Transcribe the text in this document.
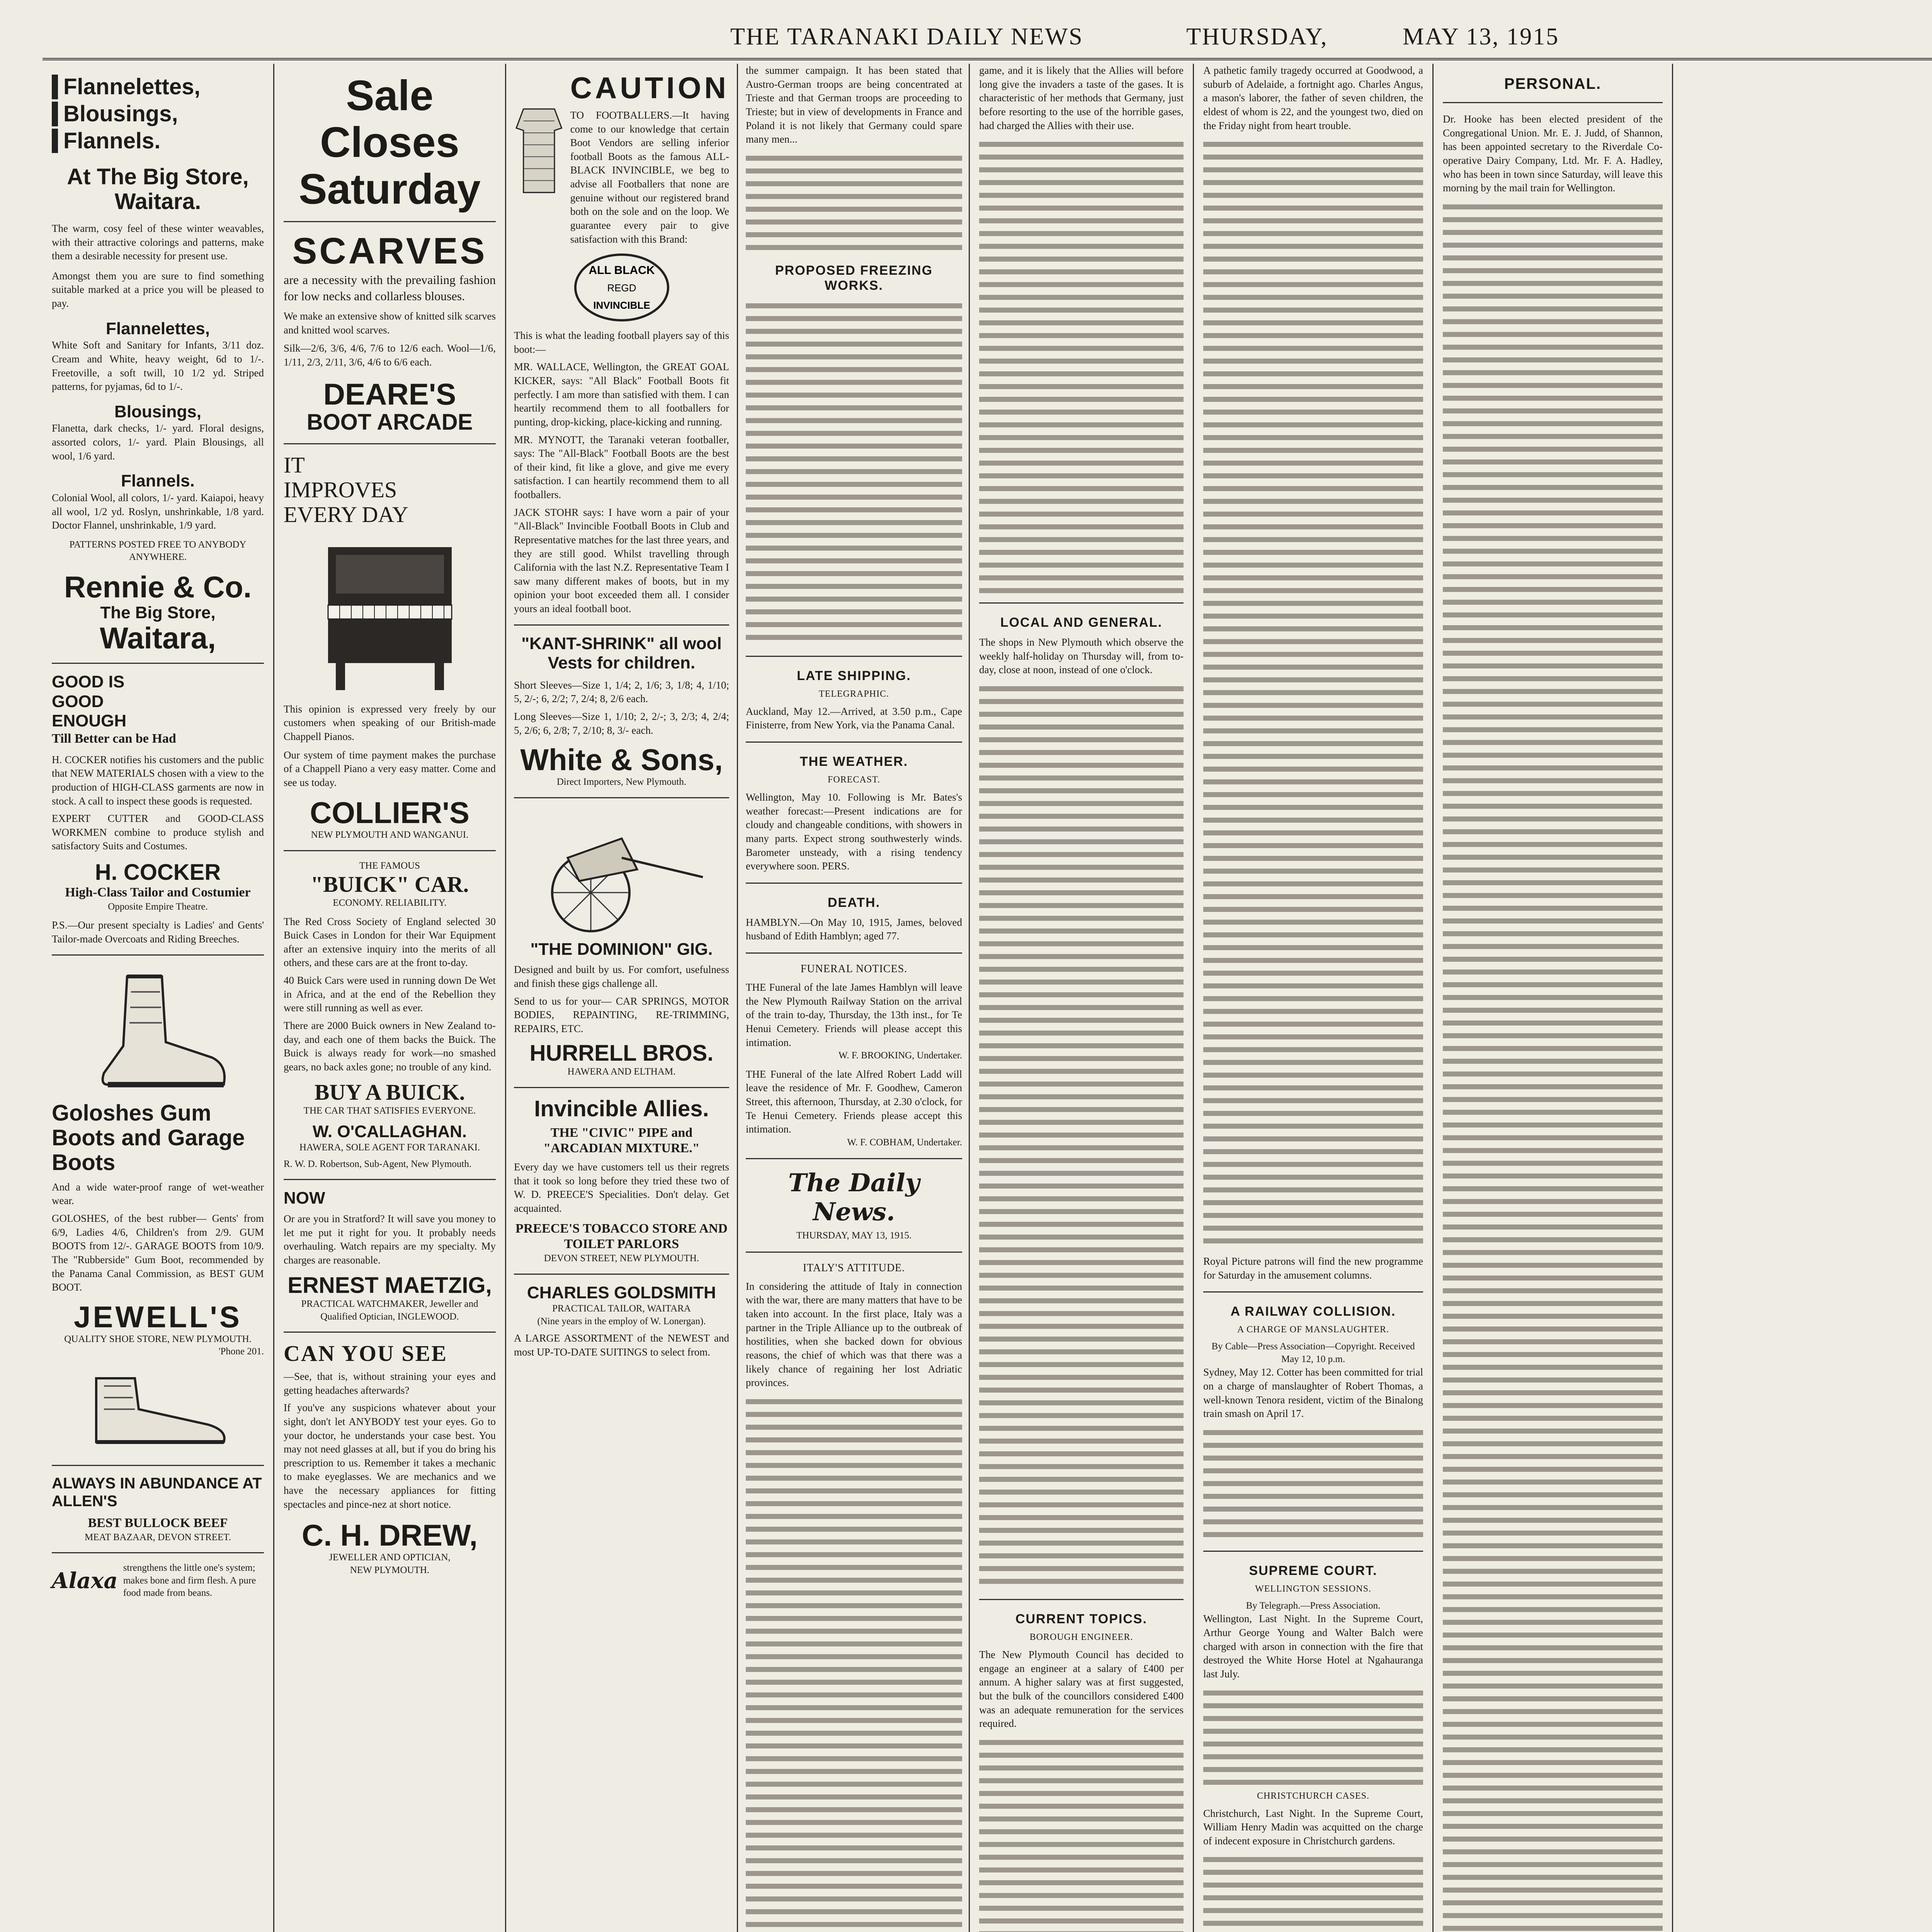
THE TARANAKI DAILY NEWS	THURSDAY,	MAY 13, 1915
Flannelettes,
Blousings,
Flannels.
At The Big Store, Waitara.
The warm, cosy feel of these winter weavables, with their attractive colorings and patterns, make them a desirable necessity for present use.
Amongst them you are sure to find something suitable marked at a price you will be pleased to pay.
Flannelettes,
White Soft and Sanitary for Infants, 3/11 doz. Cream and White, heavy weight, 6d to 1/-. Freetoville, a soft twill, 10 1/2 yd. Striped patterns, for pyjamas, 6d to 1/-.
Blousings,
Flanetta, dark checks, 1/- yard. Floral designs, assorted colors, 1/- yard. Plain Blousings, all wool, 1/6 yard.
Flannels.
Colonial Wool, all colors, 1/- yard. Kaiapoi, heavy all wool, 1/2 yd. Roslyn, unshrinkable, 1/8 yard. Doctor Flannel, unshrinkable, 1/9 yard.
PATTERNS POSTED FREE TO ANYBODY ANYWHERE.
Rennie & Co.
The Big Store,
Waitara,
GOOD IS GOOD ENOUGH
Till Better can be Had
H. COCKER notifies his customers and the public that NEW MATERIALS chosen with a view to the production of HIGH-CLASS garments are now in stock. A call to inspect these goods is requested.
EXPERT CUTTER and GOOD-CLASS WORKMEN combine to produce stylish and satisfactory Suits and Costumes.
H. COCKER
High-Class Tailor and Costumier
Opposite Empire Theatre.
P.S.—Our present specialty is Ladies' and Gents' Tailor-made Overcoats and Riding Breeches.
Goloshes Gum Boots and Garage Boots
And a wide water-proof range of wet-weather wear.
GOLOSHES, of the best rubber— Gents' from 6/9, Ladies 4/6, Children's from 2/9. GUM BOOTS from 12/-. GARAGE BOOTS from 10/9. The "Rubberside" Gum Boot, recommended by the Panama Canal Commission, as BEST GUM BOOT.
JEWELL'S
QUALITY SHOE STORE, NEW PLYMOUTH.
'Phone 201.
ALWAYS IN ABUNDANCE AT ALLEN'S
BEST BULLOCK BEEF
MEAT BAZAAR, DEVON STREET.
Alaxa
strengthens the little one's system; makes bone and firm flesh. A pure food made from beans.
Sale
Closes
Saturday
SCARVES
are a necessity with the prevailing fashion for low necks and collarless blouses.
We make an extensive show of knitted silk scarves and knitted wool scarves.
Silk—2/6, 3/6, 4/6, 7/6 to 12/6 each. Wool—1/6, 1/11, 2/3, 2/11, 3/6, 4/6 to 6/6 each.
DEARE'S
BOOT ARCADE
IT IMPROVES EVERY DAY
This opinion is expressed very freely by our customers when speaking of our British-made Chappell Pianos.
Our system of time payment makes the purchase of a Chappell Piano a very easy matter. Come and see us today.
COLLIER'S
NEW PLYMOUTH AND WANGANUI.
THE FAMOUS
"BUICK" CAR.
ECONOMY. RELIABILITY.
The Red Cross Society of England selected 30 Buick Cases in London for their War Equipment after an extensive inquiry into the merits of all others, and these cars are at the front to-day.
40 Buick Cars were used in running down De Wet in Africa, and at the end of the Rebellion they were still running as well as ever.
There are 2000 Buick owners in New Zealand to-day, and each one of them backs the Buick. The Buick is always ready for work—no smashed gears, no back axles gone; no trouble of any kind.
BUY A BUICK.
THE CAR THAT SATISFIES EVERYONE.
W. O'CALLAGHAN.
HAWERA, SOLE AGENT FOR TARANAKI.
R. W. D. Robertson, Sub-Agent, New Plymouth.
NOW
Or are you in Stratford? It will save you money to let me put it right for you. It probably needs overhauling. Watch repairs are my specialty. My charges are reasonable.
ERNEST MAETZIG,
PRACTICAL WATCHMAKER, Jeweller and Qualified Optician, INGLEWOOD.
CAN YOU SEE
—See, that is, without straining your eyes and getting headaches afterwards?
If you've any suspicions whatever about your sight, don't let ANYBODY test your eyes. Go to your doctor, he understands your case best. You may not need glasses at all, but if you do bring his prescription to us. Remember it takes a mechanic to make eyeglasses. We are mechanics and we have the necessary appliances for fitting spectacles and pince-nez at short notice.
C. H. DREW,
JEWELLER AND OPTICIAN,
NEW PLYMOUTH.
CAUTION
TO FOOTBALLERS.—It having come to our knowledge that certain Boot Vendors are selling inferior football Boots as the famous ALL-BLACK INVINCIBLE, we beg to advise all Footballers that none are genuine without our registered brand both on the sole and on the loop. We guarantee every pair to give satisfaction with this Brand:
ALL BLACK
REGD
INVINCIBLE
This is what the leading football players say of this boot:—
MR. WALLACE, Wellington, the GREAT GOAL KICKER, says: "All Black" Football Boots fit perfectly. I am more than satisfied with them. I can heartily recommend them to all footballers for punting, drop-kicking, place-kicking and running.
MR. MYNOTT, the Taranaki veteran footballer, says: The "All-Black" Football Boots are the best of their kind, fit like a glove, and give me every satisfaction. I can heartily recommend them to all footballers.
JACK STOHR says: I have worn a pair of your "All-Black" Invincible Football Boots in Club and Representative matches for the last three years, and they are still good. Whilst travelling through California with the last N.Z. Representative Team I saw many different makes of boots, but in my opinion your boot exceeded them all. I consider yours an ideal football boot.
"KANT-SHRINK" all wool Vests for children.
Short Sleeves—Size 1, 1/4; 2, 1/6; 3, 1/8; 4, 1/10; 5, 2/-; 6, 2/2; 7, 2/4; 8, 2/6 each.
Long Sleeves—Size 1, 1/10; 2, 2/-; 3, 2/3; 4, 2/4; 5, 2/6; 6, 2/8; 7, 2/10; 8, 3/- each.
White & Sons,
Direct Importers, New Plymouth.
"THE DOMINION" GIG.
Designed and built by us. For comfort, usefulness and finish these gigs challenge all.
Send to us for your— CAR SPRINGS, MOTOR BODIES, REPAINTING, RE-TRIMMING, REPAIRS, ETC.
HURRELL BROS.
HAWERA AND ELTHAM.
Invincible Allies.
THE "CIVIC" PIPE and "ARCADIAN MIXTURE."
Every day we have customers tell us their regrets that it took so long before they tried these two of W. D. PREECE'S Specialities. Don't delay. Get acquainted.
PREECE'S TOBACCO STORE AND TOILET PARLORS
DEVON STREET, NEW PLYMOUTH.
CHARLES GOLDSMITH
PRACTICAL TAILOR, WAITARA
(Nine years in the employ of W. Lonergan).
A LARGE ASSORTMENT of the NEWEST and most UP-TO-DATE SUITINGS to select from.
the summer campaign. It has been stated that Austro-German troops are being concentrated at Trieste and that German troops are proceeding to Trieste; but in view of developments in France and Poland it is not likely that Germany could spare many men...
PROPOSED FREEZING WORKS.
LATE SHIPPING.
TELEGRAPHIC.
Auckland, May 12.—Arrived, at 3.50 p.m., Cape Finisterre, from New York, via the Panama Canal.
THE WEATHER.
FORECAST.
Wellington, May 10. Following is Mr. Bates's weather forecast:—Present indications are for cloudy and changeable conditions, with showers in many parts. Expect strong southwesterly winds. Barometer unsteady, with a rising tendency everywhere soon. PERS.
DEATH.
HAMBLYN.—On May 10, 1915, James, beloved husband of Edith Hamblyn; aged 77.
FUNERAL NOTICES.
THE Funeral of the late James Hamblyn will leave the New Plymouth Railway Station on the arrival of the train to-day, Thursday, the 13th inst., for Te Henui Cemetery. Friends will please accept this intimation.
W. F. BROOKING, Undertaker.
THE Funeral of the late Alfred Robert Ladd will leave the residence of Mr. F. Goodhew, Cameron Street, this afternoon, Thursday, at 2.30 o'clock, for Te Henui Cemetery. Friends please accept this intimation.
W. F. COBHAM, Undertaker.
The Daily News.
THURSDAY, MAY 13, 1915.
ITALY'S ATTITUDE.
In considering the attitude of Italy in connection with the war, there are many matters that have to be taken into account. In the first place, Italy was a partner in the Triple Alliance up to the outbreak of hostilities, when she backed down for obvious reasons, the chief of which was that there was a likely chance of regaining her lost Adriatic provinces.
game, and it is likely that the Allies will before long give the invaders a taste of the gases. It is characteristic of her methods that Germany, just before resorting to the use of the horrible gases, had charged the Allies with their use.
LOCAL AND GENERAL.
The shops in New Plymouth which observe the weekly half-holiday on Thursday will, from to-day, close at noon, instead of one o'clock.
CURRENT TOPICS.
BOROUGH ENGINEER.
The New Plymouth Council has decided to engage an engineer at a salary of £400 per annum. A higher salary was at first suggested, but the bulk of the councillors considered £400 was an adequate remuneration for the services required.
A pathetic family tragedy occurred at Goodwood, a suburb of Adelaide, a fortnight ago. Charles Angus, a mason's laborer, the father of seven children, the eldest of whom is 22, and the youngest two, died on the Friday night from heart trouble.
Royal Picture patrons will find the new programme for Saturday in the amusement columns.
A RAILWAY COLLISION.
A CHARGE OF MANSLAUGHTER.
By Cable—Press Association—Copyright. Received May 12, 10 p.m.
Sydney, May 12. Cotter has been committed for trial on a charge of manslaughter of Robert Thomas, a well-known Tenora resident, victim of the Binalong train smash on April 17.
SUPREME COURT.
WELLINGTON SESSIONS.
By Telegraph.—Press Association.
Wellington, Last Night. In the Supreme Court, Arthur George Young and Walter Balch were charged with arson in connection with the fire that destroyed the White Horse Hotel at Ngahauranga last July.
CHRISTCHURCH CASES.
Christchurch, Last Night. In the Supreme Court, William Henry Madin was acquitted on the charge of indecent exposure in Christchurch gardens.
PERSONAL.
Dr. Hooke has been elected president of the Congregational Union. Mr. E. J. Judd, of Shannon, has been appointed secretary to the Riverdale Co-operative Dairy Company, Ltd. Mr. F. A. Hadley, who has been in town since Saturday, will leave this morning by the mail train for Wellington.
